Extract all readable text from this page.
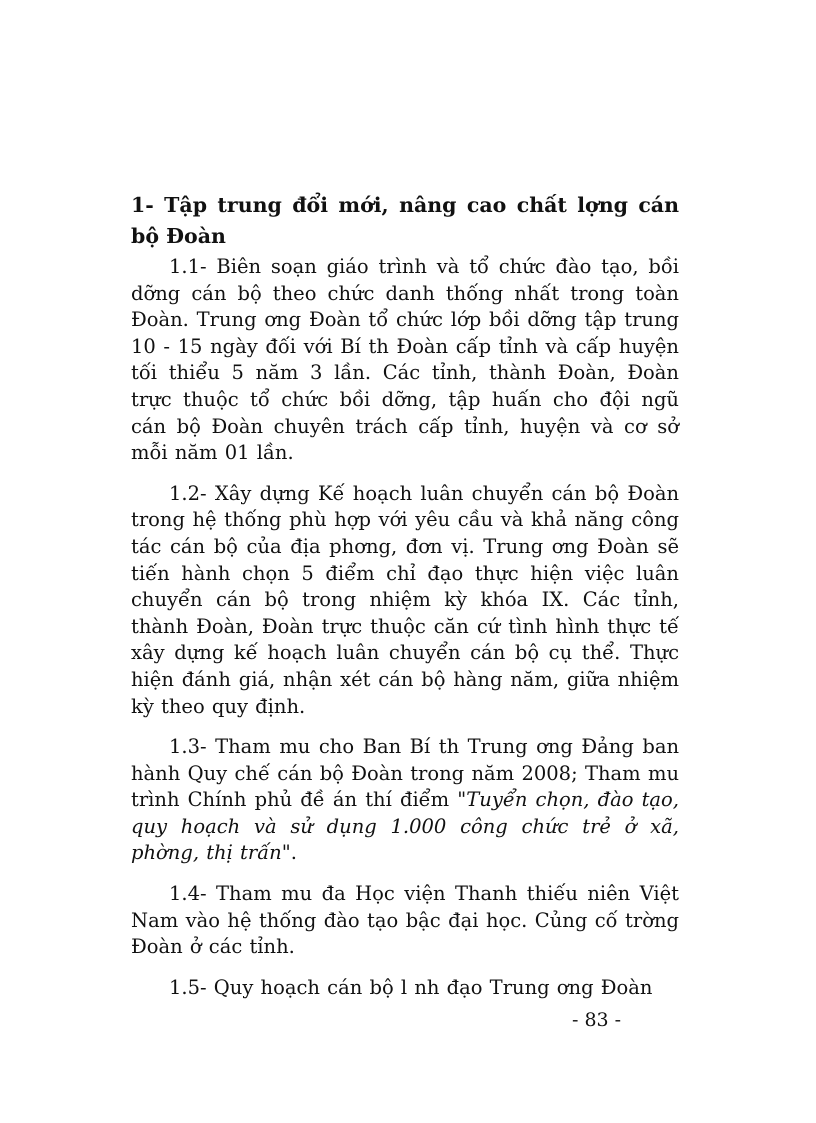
1- Tập trung đổi mới, nâng cao chất lợng cán bộ Đoàn

1.1- Biên soạn giáo trình và tổ chức đào tạo, bồi dỡng cán bộ theo chức danh thống nhất trong toàn Đoàn. Trung ơng Đoàn tổ chức lớp bồi dỡng tập trung 10 - 15 ngày đối với Bí th Đoàn cấp tỉnh và cấp huyện tối thiểu 5 năm 3 lần. Các tỉnh, thành Đoàn, Đoàn trực thuộc tổ chức bồi dỡng, tập huấn cho đội ngũ cán bộ Đoàn chuyên trách cấp tỉnh, huyện và cơ sở mỗi năm 01 lần.

1.2- Xây dựng Kế hoạch luân chuyển cán bộ Đoàn trong hệ thống phù hợp với yêu cầu và khả năng công tác cán bộ của địa phơng, đơn vị. Trung ơng Đoàn sẽ tiến hành chọn 5 điểm chỉ đạo thực hiện việc luân chuyển cán bộ trong nhiệm kỳ khóa IX. Các tỉnh, thành Đoàn, Đoàn trực thuộc căn cứ tình hình thực tế xây dựng kế hoạch luân chuyển cán bộ cụ thể. Thực hiện đánh giá, nhận xét cán bộ hàng năm, giữa nhiệm kỳ theo quy định.

1.3- Tham mu cho Ban Bí th Trung ơng Đảng ban hành Quy chế cán bộ Đoàn trong năm 2008; Tham mu trình Chính phủ đề án thí điểm "Tuyển chọn, đào tạo, quy hoạch và sử dụng 1.000 công chức trẻ ở xã, phờng, thị trấn".

1.4- Tham mu đa Học viện Thanh thiếu niên Việt Nam vào hệ thống đào tạo bậc đại học. Củng cố trờng Đoàn ở các tỉnh.

1.5- Quy hoạch cán bộ l nh đạo Trung ơng Đoàn

- 83 -
